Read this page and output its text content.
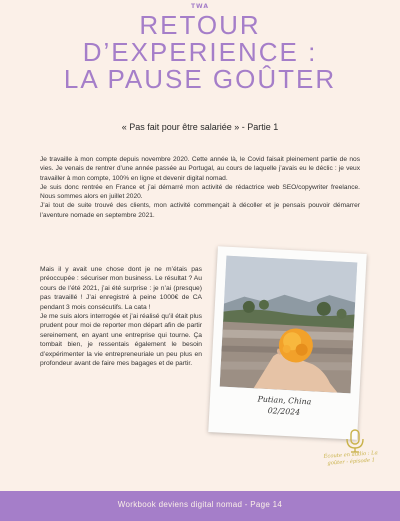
TWA
RETOUR
D’EXPERIENCE :
LA PAUSE GOÛTER
« Pas fait pour être salariée » - Partie 1

Je travaille à mon compte depuis novembre 2020. Cette année là, le Covid faisait pleinement partie de nos vies. Je venais de rentrer d’une année passée au Portugal, au cours de laquelle j’avais eu le déclic : je veux travailler à mon compte, 100% en ligne et devenir digital nomad.

Je suis donc rentrée en France et j’ai démarré mon activité de rédactrice web SEO/copywriter freelance. Nous sommes alors en juillet 2020.

J’ai tout de suite trouvé des clients, mon activité commençait à décoller et je pensais pouvoir démarrer l’aventure nomade en septembre 2021.

Mais il y avait une chose dont je ne m’étais pas préoccupée : sécuriser mon business. Le résultat ? Au cours de l’été 2021, j’ai été surprise : je n’ai (presque) pas travaillé ! J’ai enregistré à peine 1000€ de CA pendant 3 mois consécutifs. La cata !

Je me suis alors interrogée et j’ai réalisé qu’il était plus prudent pour moi de reporter mon départ afin de partir sereinement, en ayant une entreprise qui tourne. Ça tombait bien, je ressentais également le besoin d’expérimenter la vie entrepreneuriale un peu plus en profondeur avant de faire mes bagages et de partir.

Putian, China
02/2024
Écoute en audio : La goûter - épisode 1
Workbook deviens digital nomad - Page 14
